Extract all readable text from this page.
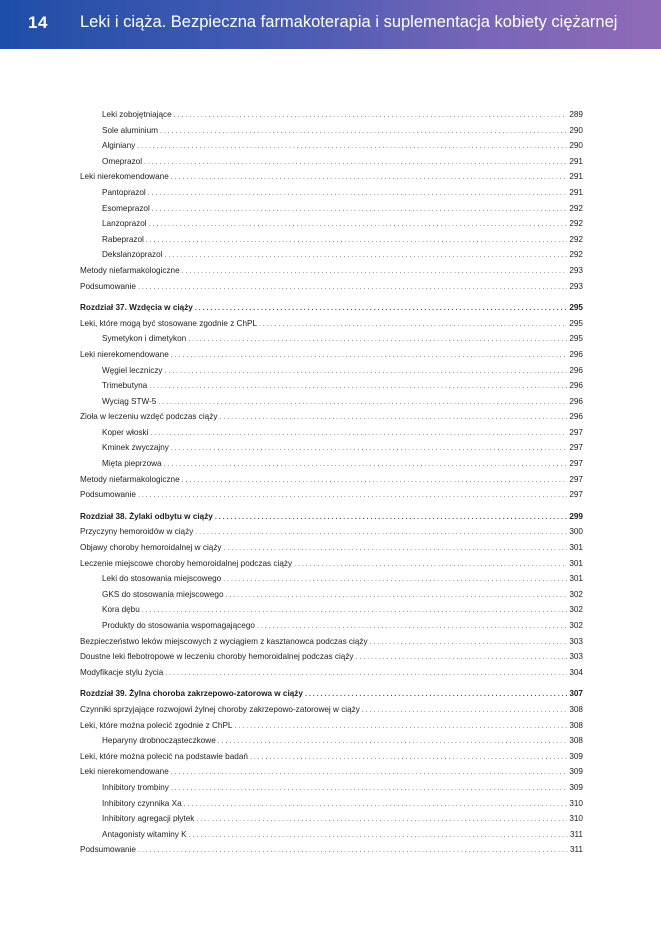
14 Leki i ciąża. Bezpieczna farmakoterapia i suplementacja kobiety ciężarnej
Leki zobojętniające . . .	289
Sole aluminium . . .	290
Alginiany . . .	290
Omeprazol . . .	291
Leki nierekomendowane . . .	291
Pantoprazol . . .	291
Esomeprazol . . .	292
Lanzoprazol . . .	292
Rabeprazol . . .	292
Dekslanzoprazol . . .	292
Metody niefarmakologiczne . . .	293
Podsumowanie . . .	293
Rozdział 37. Wzdęcia w ciąży . . .	295
Leki, które mogą być stosowane zgodnie z ChPL . . .	295
Symetykon i dimetykon . . .	295
Leki nierekomendowane . . .	296
Węgiel leczniczy . . .	296
Trimebutyna . . .	296
Wyciąg STW-5 . . .	296
Zioła w leczeniu wzdęć podczas ciąży . . .	296
Koper włoski . . .	297
Kminek zwyczajny . . .	297
Mięta pieprzowa . . .	297
Metody niefarmakologiczne . . .	297
Podsumowanie . . .	297
Rozdział 38. Żylaki odbytu w ciąży . . .	299
Przyczyny hemoroidów w ciąży . . .	300
Objawy choroby hemoroidalnej w ciąży . . .	301
Leczenie miejscowe choroby hemoroidalnej podczas ciąży . . .	301
Leki do stosowania miejscowego . . .	301
GKS do stosowania miejscowego . . .	302
Kora dębu . . .	302
Produkty do stosowania wspomagającego . . .	302
Bezpieczeństwo leków miejscowych z wyciągiem z kasztanowca podczas ciąży . . .	303
Doustne leki flebotropowe w leczeniu choroby hemoroidalnej podczas ciąży . . .	303
Modyfikacje stylu życia . . .	304
Rozdział 39. Żylna choroba zakrzepowo-zatorowa w ciąży . . .	307
Czynniki sprzyjające rozwojowi żylnej choroby zakrzepowo-zatorowej w ciąży . . .	308
Leki, które można polecić zgodnie z ChPL . . .	308
Heparyny drobnocząsteczkowe . . .	308
Leki, które można polecić na podstawie badań . . .	309
Leki nierekomendowane . . .	309
Inhibitory trombiny . . .	309
Inhibitory czynnika Xa . . .	310
Inhibitory agregacji płytek . . .	310
Antagonisty witaminy K . . .	311
Podsumowanie . . .	311
